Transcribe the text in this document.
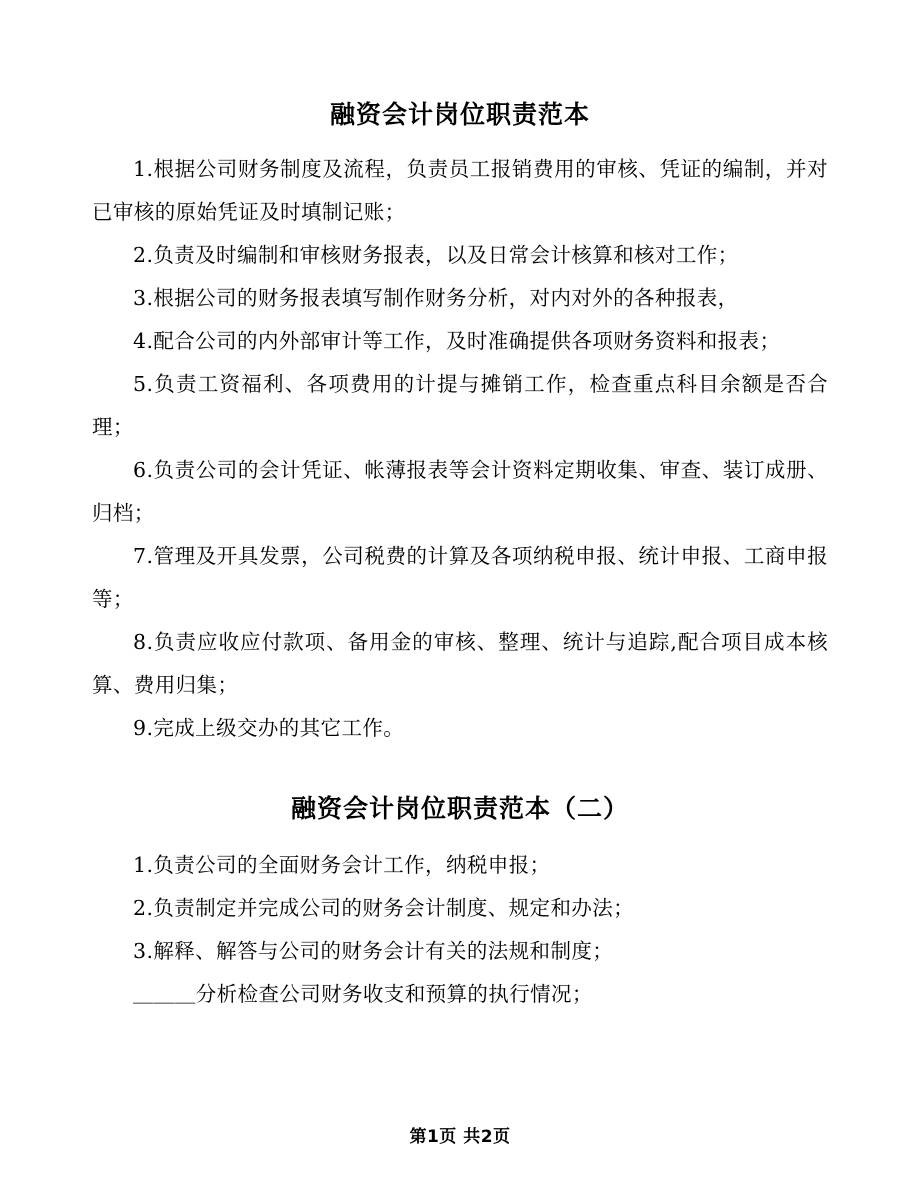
融资会计岗位职责范本

1.根据公司财务制度及流程，负责员工报销费用的审核、凭证的编制，并对已审核的原始凭证及时填制记账；

2.负责及时编制和审核财务报表，以及日常会计核算和核对工作；

3.根据公司的财务报表填写制作财务分析，对内对外的各种报表，

4.配合公司的内外部审计等工作，及时准确提供各项财务资料和报表；

5.负责工资福利、各项费用的计提与摊销工作，检查重点科目余额是否合理；

6.负责公司的会计凭证、帐薄报表等会计资料定期收集、审查、装订成册、归档；

7.管理及开具发票，公司税费的计算及各项纳税申报、统计申报、工商申报等；

8.负责应收应付款项、备用金的审核、整理、统计与追踪,配合项目成本核算、费用归集；

9.完成上级交办的其它工作。

融资会计岗位职责范本（二）

1.负责公司的全面财务会计工作，纳税申报；

2.负责制定并完成公司的财务会计制度、规定和办法；

3.解释、解答与公司的财务会计有关的法规和制度；

＿＿＿分析检查公司财务收支和预算的执行情况；

第1页 共2页
